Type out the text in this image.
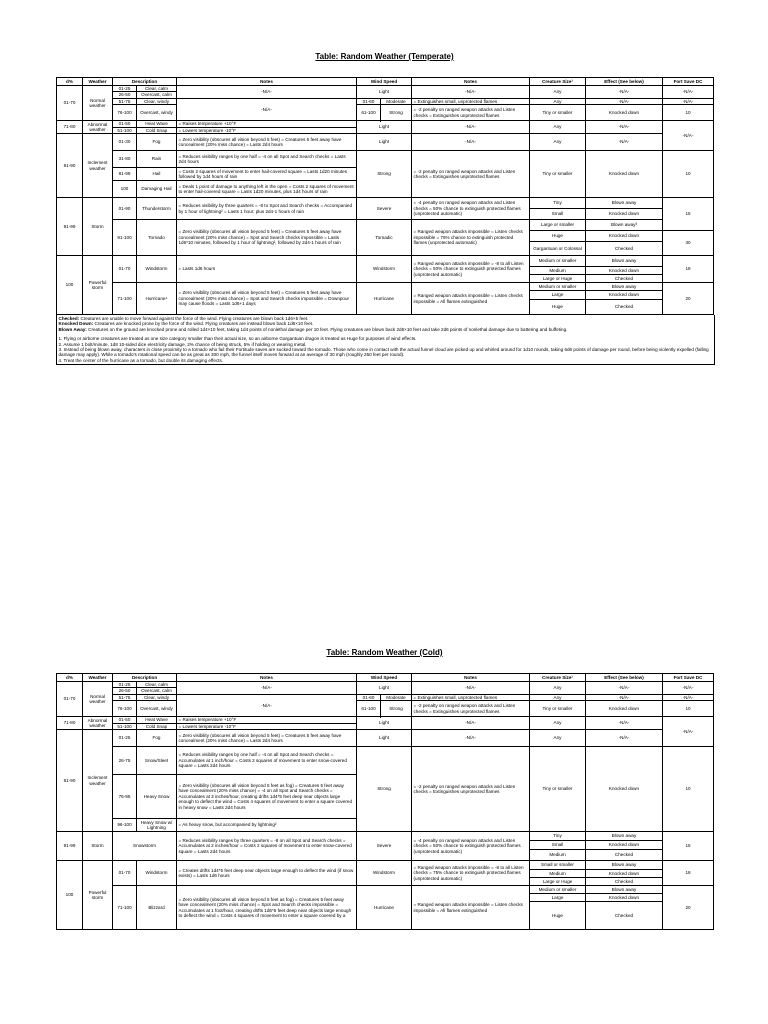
Table: Random Weather (Temperate)
d%	Weather	Description		Notes	Wind Speed		Notes	Creature Size¹	Effect (See below)	Fort Save DC
01-70	Normal weather	01-25	Clear, calm	-N/A-	Light		-N/A-	Any	-N/A-	-N/A-
		26-50	Overcast, calm							
		51-75	Clear, windy	-N/A-	01-60	Moderate	= Extinguishes small, unprotected flames	Any	-N/A-	-N/A-
		76-100	Overcast, windy		61-100	Strong	= -2 penalty on ranged weapon attacks and Listen checks = Extinguishes unprotected flames	Tiny or smaller	Knocked down	10

71-80	Abnormal weather	01-50	Heat Wave	= Raises temperature +10°F	Light		-N/A-	Any	-N/A-	-N/A-
		51-100	Cold Snap	= Lowers temperature -10°F						
81-90	Inclement weather	01-30	Fog	= Zero visibility (obscures all vision beyond 5 feet) = Creatures 5 feet away have concealment (20% miss chance) = Lasts 2d4 hours	Light		-N/A-	Any	-N/A-	
		31-80	Rain	= Reduces visibility ranges by one half = -4 on all Spot and Search checks = Lasts 2d4 hours	Strong		= -2 penalty on ranged weapon attacks and Listen checks = Extinguishes unprotected flames	Tiny or smaller	Knocked down	10
		81-99	Hail	= Costs 2 squares of movement to enter hail-covered square = Lasts 1d20 minutes followed by 1d4 hours of rain						
		100	Damaging Hail	= Deals 1 point of damage to anything left in the open = Costs 2 squares of movement to enter hail-covered square = Lasts 1d20 minutes, plus 1d4 hours of rain						
91-99	Storm	01-90	Thunderstorm	= Reduces visibility by three quarters = -8 to Spot and Search checks = Accompanied by 1 hour of lightning² = Lasts 1 hour; plus 2d4-1 hours of rain	Severe		= -4 penalty on ranged weapon attacks and Listen checks = 50% chance to extinguish protected flames (unprotected automatic)	Tiny	Blown away	15
								Small	Knocked down	
		91-100	Tornado	= Zero visibility (obscures all vision beyond 5 feet) = Creatures 5 feet away have concealment (20% miss chance) = Spot and Search checks impossible = Lasts 1d6*10 minutes, followed by 1 hour of lightning², followed by 2d4-1 hours of rain	Tornadic		= Ranged weapon attacks impossible = Listen checks impossible = 75% chance to extinguish protected flames (unprotected automatic)	Large or smaller	Blown away³	
								Huge	Knocked down	30
								Gargantuan or Colossal	Checked	
100	Powerful storm	01-70	Windstorm	= Lasts 1d6 hours	Windstorm		= Ranged weapon attacks impossible = -8 to all Listen checks = 50% chance to extinguish protected flames (unprotected automatic)	Medium or smaller	Blown away	18
								Medium	Knocked down	
								Large or Huge	Checked	
		71-100	Hurricane⁴	= Zero visibility (obscures all vision beyond 5 feet) = Creatures 5 feet away have concealment (20% miss chance) = Spot and Search checks impossible = Downpour may cause floods = Lasts 1d6+1 days	Hurricane		= Ranged weapon attacks impossible = Listen checks impossible = All flames extinguished	Medium or smaller	Blown away	20
								Large	Knocked down	
								Huge	Checked	

Checked: Creatures are unable to move forward against the force of the wind. Flying creatures are blown back 1d6×5 feet.

Knocked Down: Creatures are knocked prone by the force of the wind. Flying creatures are instead blown back 1d6×10 feet.

Blown Away: Creatures on the ground are knocked prone and rolled 1d4×10 feet, taking 1d4 points of nonlethal damage per 10 feet. Flying creatures are blown back 2d6×10 feet and take 2d6 points of nonlethal damage due to battering and buffeting.

1. Flying or airborne creatures are treated as one size category smaller than their actual size, so an airborne Gargantuan dragon is treated as Huge for purposes of wind effects.

2. Assume 1 bolt/minute, 1d8 10-sided dice electricity damage, 2% chance of being struck, 5% if holding or wearing metal.

3. Instead of being blown away, characters in close proximity to a tornado who fail their Fortitude saves are sucked toward the tornado. Those who come in contact with the actual funnel cloud are picked up and whirled around for 1d10 rounds, taking 6d6 points of damage per round, before being violently expelled (falling damage may apply). While a tornado's rotational speed can be as great as 300 mph, the funnel itself moves forward at an average of 30 mph (roughly 250 feet per round).

4. Treat the center of the hurricane as a tornado, but double its damaging effects.

Table: Random Weather (Cold)
d%	Weather	Description		Notes	Wind Speed		Notes	Creature Size¹	Effect (See below)	Fort Save DC
01-70	Normal weather	01-25	Clear, calm	-N/A-	Light		-N/A-	Any	-N/A-	-N/A-
		26-50	Overcast, calm							
		51-75	Clear, windy	-N/A-	01-60	Moderate	= Extinguishes small, unprotected flames	Any	-N/A-	-N/A-
		76-100	Overcast, windy		61-100	Strong	= -2 penalty on ranged weapon attacks and Listen checks = Extinguishes unprotected flames	Tiny or smaller	Knocked down	10

71-80	Abnormal weather	01-50	Heat Wave	= Raises temperature +10°F	Light		-N/A-	Any	-N/A-	-N/A-
		51-100	Cold Snap	= Lowers temperature -10°F						
81-90	Inclement weather	01-25	Fog	= Zero visibility (obscures all vision beyond 5 feet) = Creatures 5 feet away have concealment (20% miss chance) = Lasts 2d4 hours	Light		-N/A-	Any	-N/A-	
		26-75	Snow/Sleet	= Reduces visibility ranges by one half = -4 on all Spot and Search checks = Accumulates at 1 inch/hour = Costs 2 squares of movement to enter snow-covered square = Lasts 2d4 hours	Strong		= -2 penalty on ranged weapon attacks and Listen checks = Extinguishes unprotected flames	Tiny or smaller	Knocked down	10
		76-95	Heavy Snow	= Zero visibility (obscures all vision beyond 5 feet as fog) = Creatures 5 feet away have concealment (20% miss chance) = -4 on all Spot and Search checks = Accumulates at 3 inches/hour, creating drifts 1d4*5 feet deep near objects large enough to deflect the wind = Costs 4 squares of movement to enter a square covered in heavy snow = Lasts 2d4 hours						
		96-100	Heavy Snow w/ Lightning	= As heavy snow, but accompanied by lightning²						
91-99	Storm	Snowstorm		= Reduces visibility ranges by three quarters = -8 on all Spot and Search checks = Accumulates at 2 inches/hour = Costs 2 squares of movement to enter snow-covered square = Lasts 2d4 hours	Severe		= -4 penalty on ranged weapon attacks and Listen checks = 50% chance to extinguish protected flames (unprotected automatic)	Tiny	Blown away	15
								Small	Knocked down	
								Medium	Checked	
100	Powerful storm	01-70	Windstorm	= Creates drifts 1d4*5 feet deep near objects large enough to deflect the wind (if snow exists) = Lasts 1d6 hours	Windstorm		= Ranged weapon attacks impossible = -8 to all Listen checks = 75% chance to extinguish protected flames (unprotected automatic)	Small or smaller	Blown away	18
								Medium	Knocked down	
								Large or Huge	Checked	
		71-100	Blizzard	= Zero visibility (obscures all vision beyond 5 feet as fog) = Creatures 5 feet away have concealment (20% miss chance) = Spot and Search checks impossible = Accumulates at 1 foot/hour, creating drifts 1d6*5 feet deep near objects large enough to deflect the wind = Costs 4 squares of movement to enter a square covered by a	Hurricane		= Ranged weapon attacks impossible = Listen checks impossible = All flames extinguished	Medium or smaller	Blown away	20
								Large	Knocked down	
								Huge	Checked	
